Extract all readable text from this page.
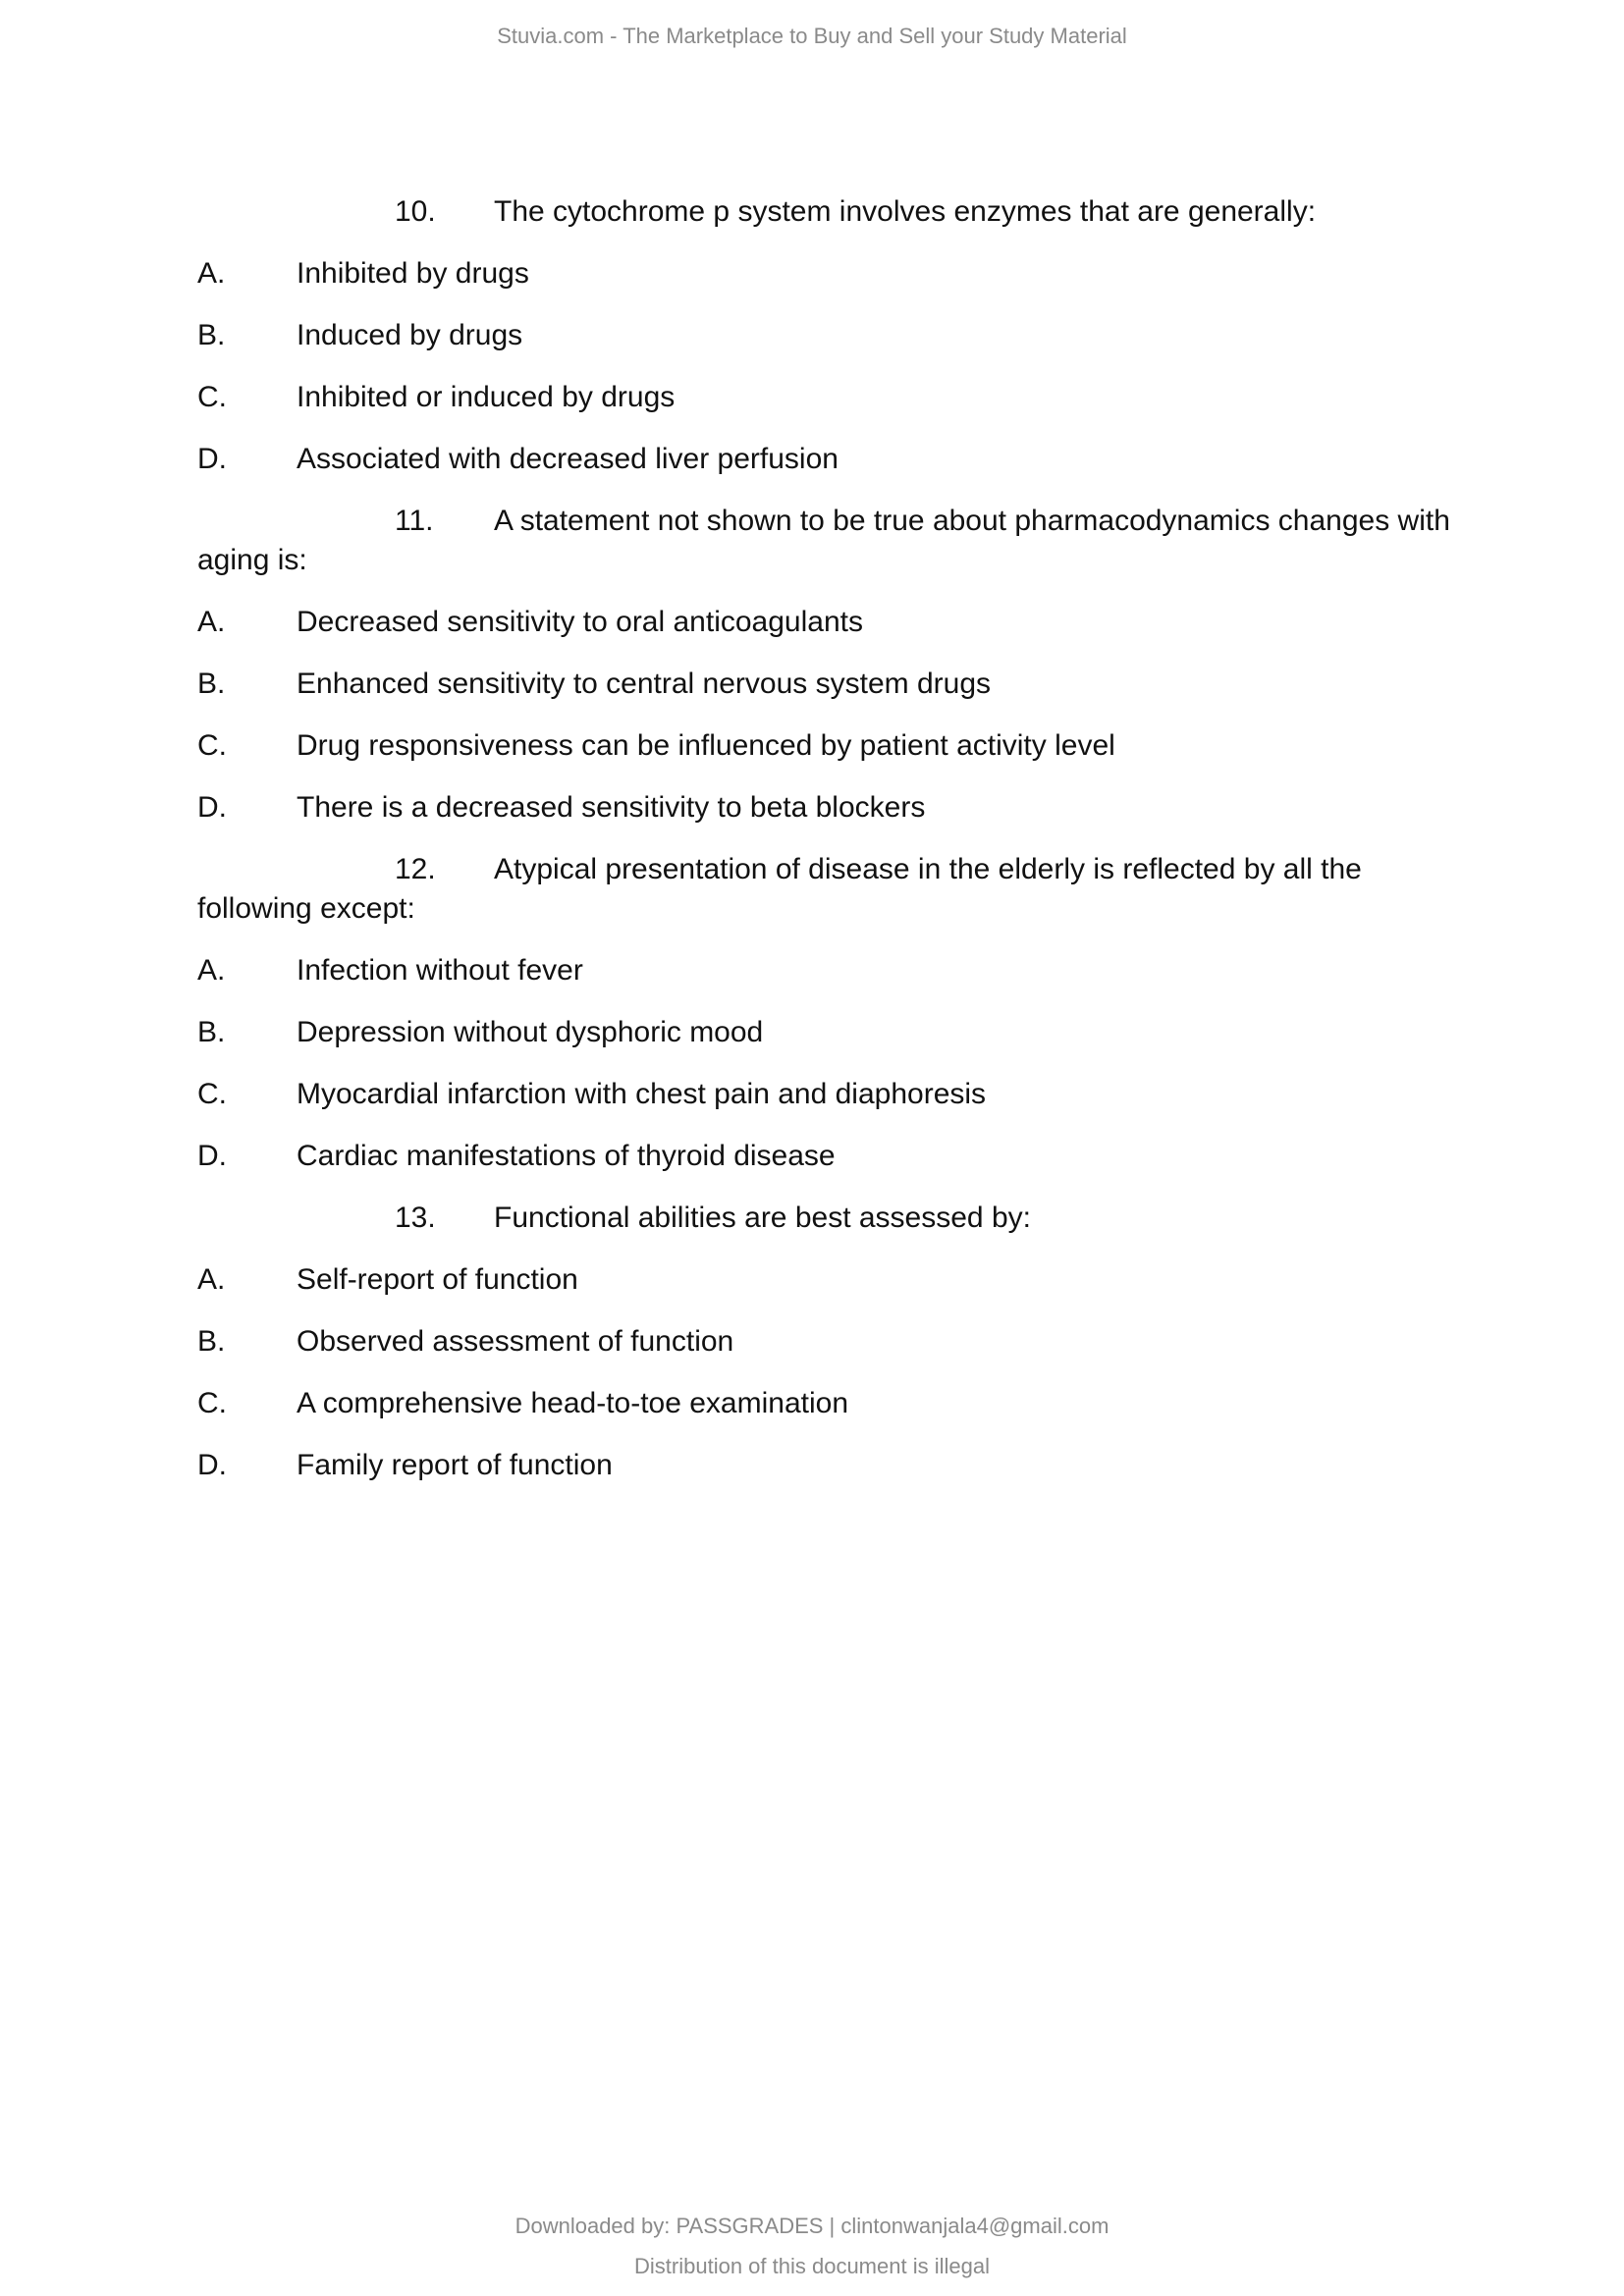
Stuvia.com - The Marketplace to Buy and Sell your Study Material
10. The cytochrome p system involves enzymes that are generally:
A.	Inhibited by drugs
B.	Induced by drugs
C.	Inhibited or induced by drugs
D.	Associated with decreased liver perfusion
11. A statement not shown to be true about pharmacodynamics changes with aging is:
A.	Decreased sensitivity to oral anticoagulants
B.	Enhanced sensitivity to central nervous system drugs
C.	Drug responsiveness can be influenced by patient activity level
D.	There is a decreased sensitivity to beta blockers
12. Atypical presentation of disease in the elderly is reflected by all the following except:
A.	Infection without fever
B.	Depression without dysphoric mood
C.	Myocardial infarction with chest pain and diaphoresis
D.	Cardiac manifestations of thyroid disease
13. Functional abilities are best assessed by:
A.	Self-report of function
B.	Observed assessment of function
C.	A comprehensive head-to-toe examination
D.	Family report of function
Downloaded by: PASSGRADES | clintonwanjala4@gmail.com
Distribution of this document is illegal
